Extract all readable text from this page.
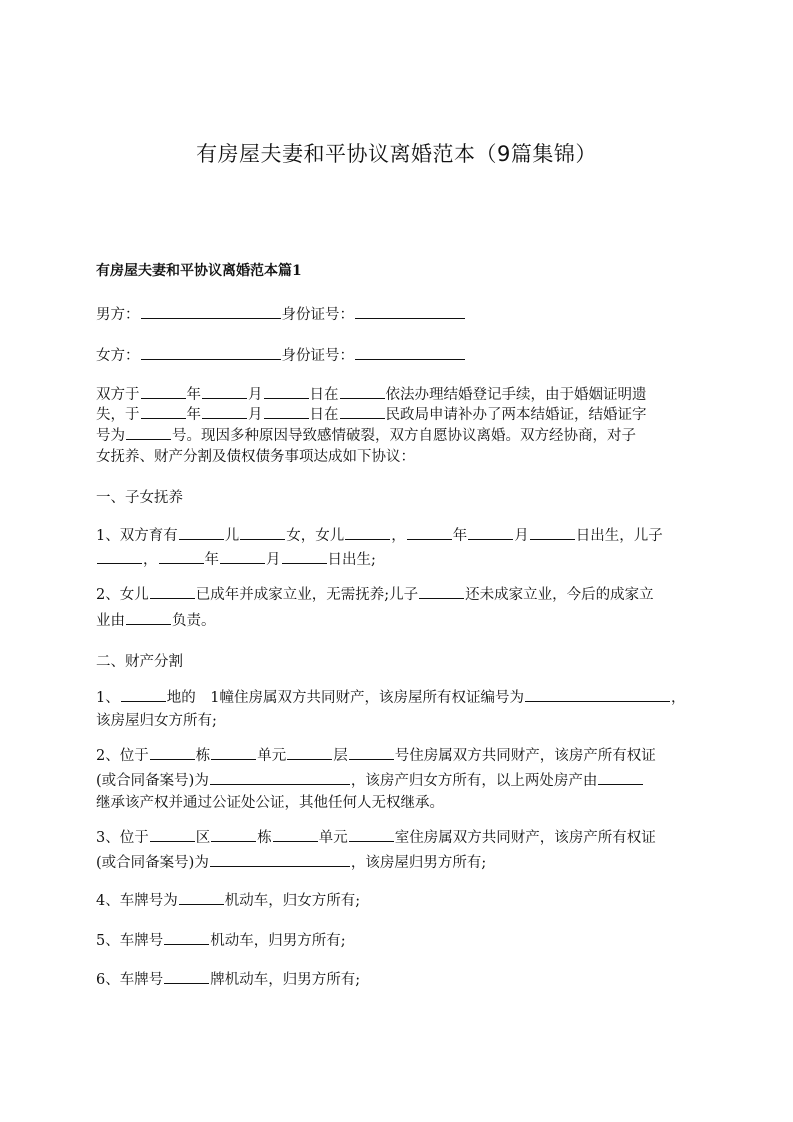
有房屋夫妻和平协议离婚范本（9篇集锦）
有房屋夫妻和平协议离婚范本篇1
男方：	身份证号：
女方：	身份证号：
双方于	年	月	日在	依法办理结婚登记手续，由于婚姻证明遗
失，于	年	月	日在	民政局申请补办了两本结婚证，结婚证字
号为	号。现因多种原因导致感情破裂，双方自愿协议离婚。双方经协商，对子
女抚养、财产分割及债权债务事项达成如下协议：
一、子女抚养
1、双方育有	儿	女，女儿	，	年	月	日出生，儿子
，	年	月	日出生;
2、女儿	已成年并成家立业，无需抚养;儿子	还未成家立业，今后的成家立
业由	负责。
二、财产分割
1、	地的　1幢住房属双方共同财产，该房屋所有权证编号为	，
该房屋归女方所有;
2、位于	栋	单元	层	号住房属双方共同财产，该房产所有权证
(或合同备案号)为	，该房产归女方所有，以上两处房产由
继承该产权并通过公证处公证，其他任何人无权继承。
3、位于	区	栋	单元	室住房属双方共同财产，该房产所有权证
(或合同备案号)为	，该房屋归男方所有;
4、车牌号为	机动车，归女方所有;
5、车牌号	机动车，归男方所有;
6、车牌号	牌机动车，归男方所有;
